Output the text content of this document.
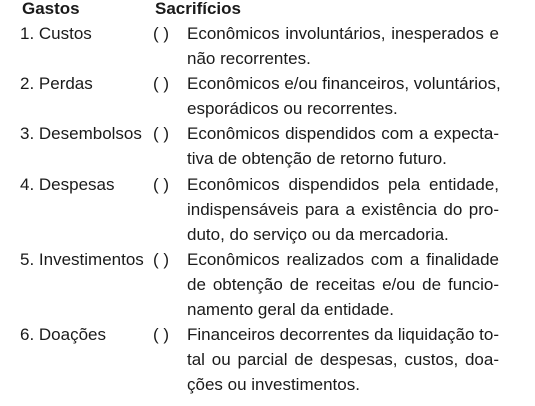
Gastos	Sacrifícios
1. Custos	( ) Econômicos involuntários, inesperados e
não recorrentes.
2. Perdas	( ) Econômicos e/ou financeiros, voluntários,
esporádicos ou recorrentes.
3. Desembolsos ( ) Econômicos dispendidos com a expecta-
tiva de obtenção de retorno futuro.
4. Despesas ( ) Econômicos dispendidos pela entidade,
indispensáveis para a existência do pro-
duto, do serviço ou da mercadoria.
5. Investimentos ( ) Econômicos realizados com a finalidade
de obtenção de receitas e/ou de funcio-
namento geral da entidade.
6. Doações	( ) Financeiros decorrentes da liquidação to-
tal ou parcial de despesas, custos, doa-
ções ou investimentos.
